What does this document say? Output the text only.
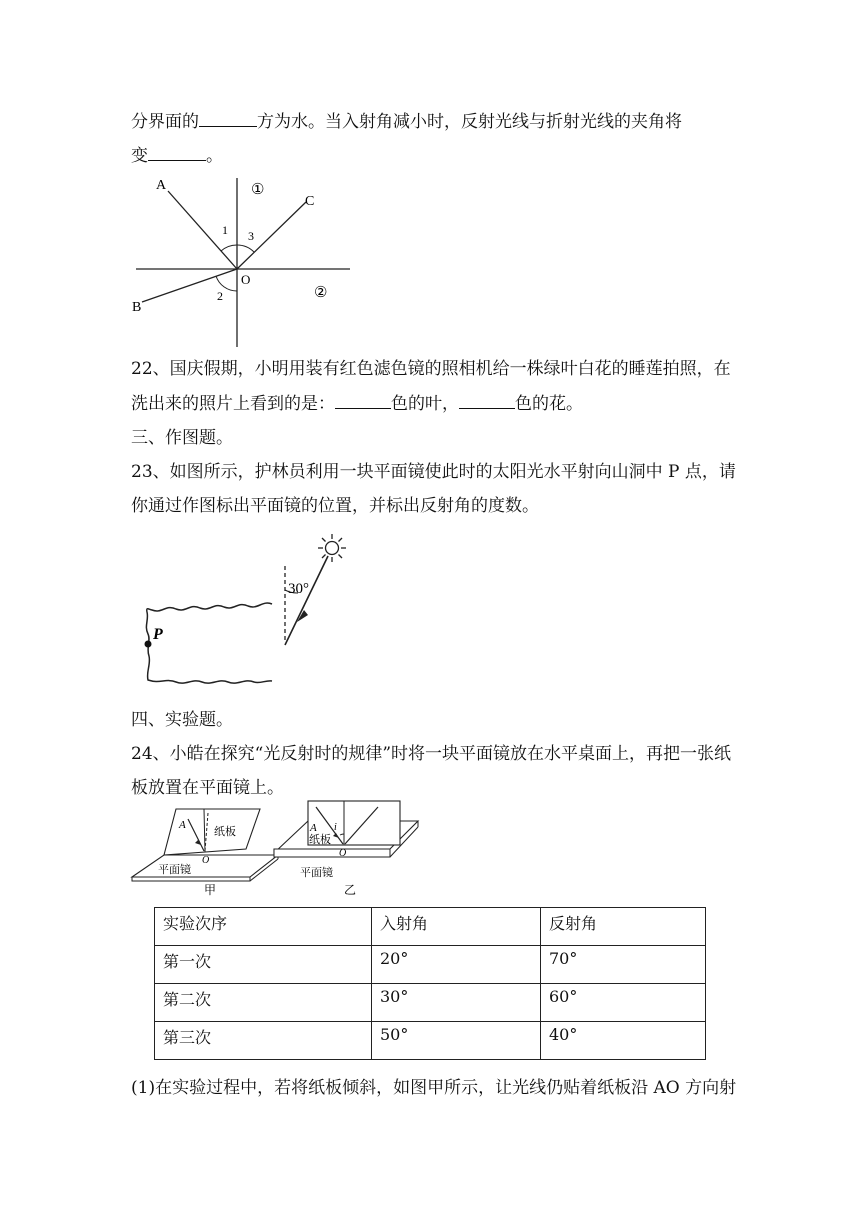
分界面的	方为水。当入射角减小时，反射光线与折射光线的夹角将
变	。
A
C
B
O
1 3
2
①
②
22、国庆假期，小明用装有红色滤色镜的照相机给一株绿叶白花的睡莲拍照，在
洗出来的照片上看到的是：	色的叶，	色的花。
三、作图题。
23、如图所示，护林员利用一块平面镜使此时的太阳光水平射向山洞中 P 点，请
你通过作图标出平面镜的位置，并标出反射角的度数。
P
30°
四、实验题。
24、小皓在探究“光反射时的规律”时将一块平面镜放在水平桌面上，再把一张纸
板放置在平面镜上。
A
纸板
O
平面镜
甲
A i
纸板
O
平面镜
乙
实验次序	入射角	反射角
第一次	20°	70°
第二次	30°	60°
第三次	50°	40°
(1)在实验过程中，若将纸板倾斜，如图甲所示，让光线仍贴着纸板沿 AO 方向射
